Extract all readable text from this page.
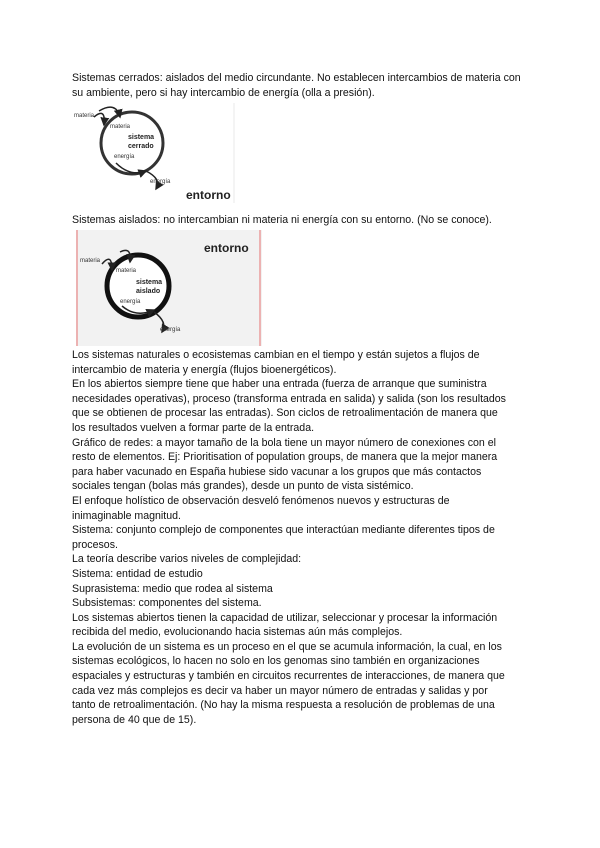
Sistemas cerrados: aislados del medio circundante. No establecen intercambios de materia con su ambiente, pero si hay intercambio de energía (olla a presión).

materia
materia
sistema
cerrado
energía
energía
entorno

Sistemas aislados: no intercambian ni materia ni energía con su entorno. (No se conoce).

entorno
materia
materia
sistema
aislado
energía
energía
Los sistemas naturales o ecosistemas cambian en el tiempo y están sujetos a flujos de
intercambio de materia y energía (flujos bioenergéticos).
En los abiertos siempre tiene que haber una entrada (fuerza de arranque que suministra
necesidades operativas), proceso (transforma entrada en salida) y salida (son los resultados
que se obtienen de procesar las entradas). Son ciclos de retroalimentación de manera que
los resultados vuelven a formar parte de la entrada.
Gráfico de redes: a mayor tamaño de la bola tiene un mayor número de conexiones con el
resto de elementos. Ej: Prioritisation of population groups, de manera que la mejor manera
para haber vacunado en España hubiese sido vacunar a los grupos que más contactos
sociales tengan (bolas más grandes), desde un punto de vista sistémico.
El enfoque holístico de observación desveló fenómenos nuevos y estructuras de
inimaginable magnitud.
Sistema: conjunto complejo de componentes que interactúan mediante diferentes tipos de
procesos.
La teoría describe varios niveles de complejidad:
Sistema: entidad de estudio
Suprasistema: medio que rodea al sistema
Subsistemas: componentes del sistema.
Los sistemas abiertos tienen la capacidad de utilizar, seleccionar y procesar la información
recibida del medio, evolucionando hacia sistemas aún más complejos.
La evolución de un sistema es un proceso en el que se acumula información, la cual, en los
sistemas ecológicos, lo hacen no solo en los genomas sino también en organizaciones
espaciales y estructuras y también en circuitos recurrentes de interacciones, de manera que
cada vez más complejos es decir va haber un mayor número de entradas y salidas y por
tanto de retroalimentación. (No hay la misma respuesta a resolución de problemas de una
persona de 40 que de 15).
